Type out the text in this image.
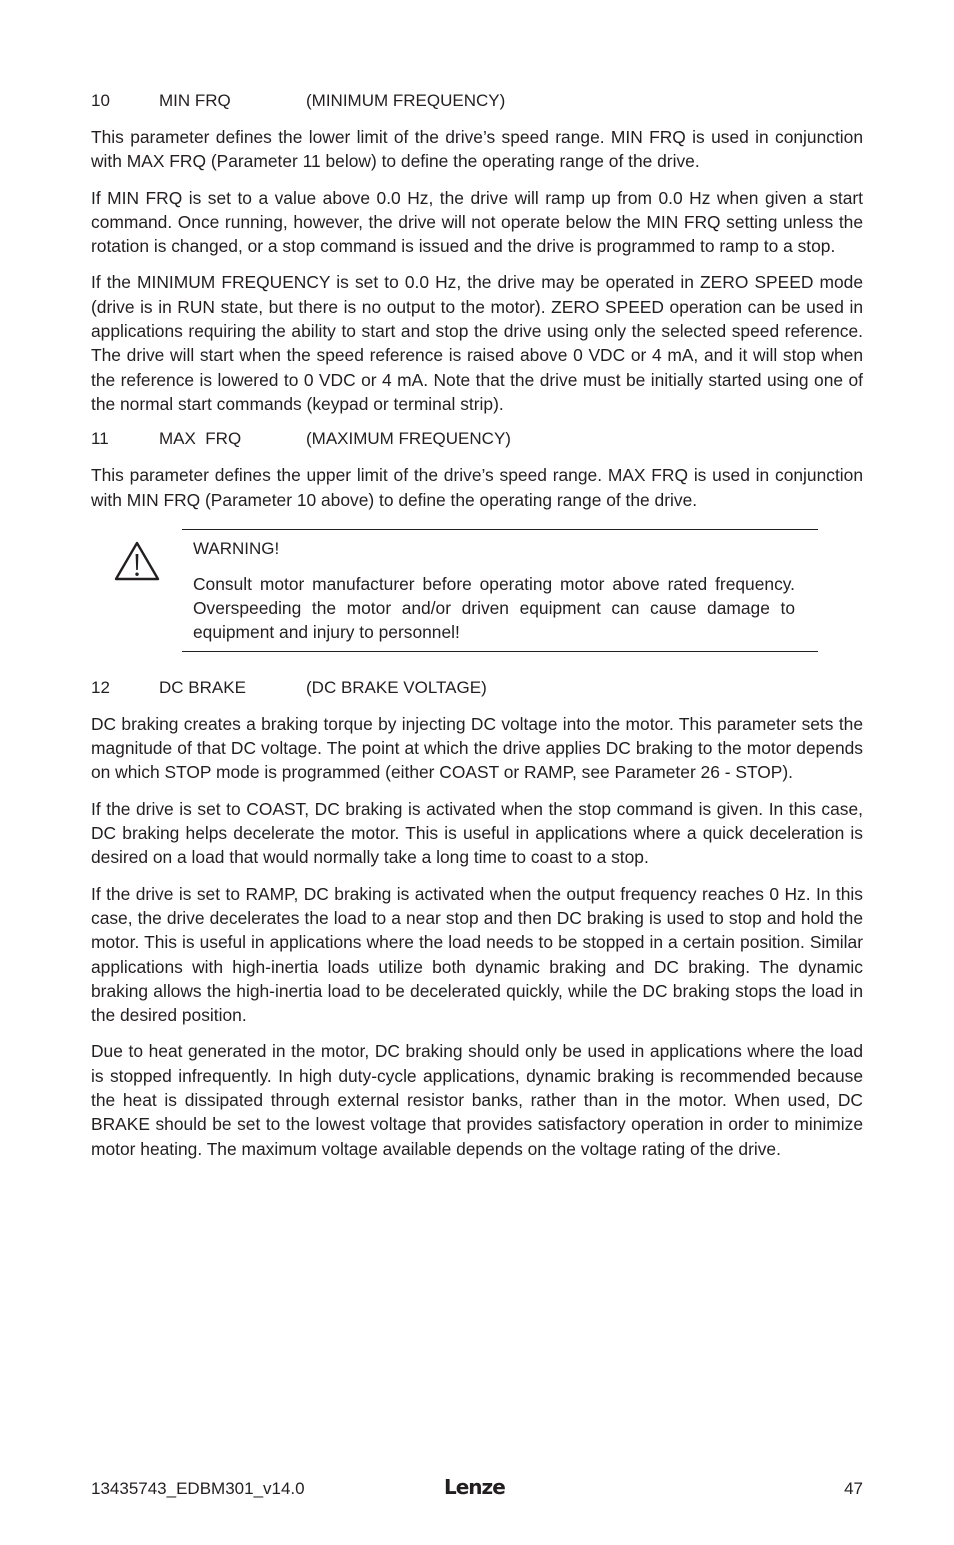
10	MIN FRQ	(MINIMUM FREQUENCY)

This parameter defines the lower limit of the drive’s speed range. MIN FRQ is used in conjunction with MAX FRQ (Parameter 11 below) to define the operating range of the drive.

If MIN FRQ is set to a value above 0.0 Hz, the drive will ramp up from 0.0 Hz when given a start command. Once running, however, the drive will not operate below the MIN FRQ setting unless the rotation is changed, or a stop command is issued and the drive is programmed to ramp to a stop.

If the MINIMUM FREQUENCY is set to 0.0 Hz, the drive may be operated in ZERO SPEED mode (drive is in RUN state, but there is no output to the motor). ZERO SPEED operation can be used in applications requiring the ability to start and stop the drive using only the selected speed reference. The drive will start when the speed reference is raised above 0 VDC or 4 mA, and it will stop when the reference is lowered to 0 VDC or 4 mA. Note that the drive must be initially started using one of the normal start commands (keypad or terminal strip).

11	MAX  FRQ	(MAXIMUM FREQUENCY)

This parameter defines the upper limit of the drive’s speed range. MAX FRQ is used in conjunction with MIN FRQ (Parameter 10 above) to define the operating range of the drive.

WARNING!

Consult motor manufacturer before operating motor above rated frequency. Overspeeding the motor and/or driven equipment can cause damage to equipment and injury to personnel!

12	DC BRAKE	(DC BRAKE VOLTAGE)

DC braking creates a braking torque by injecting DC voltage into the motor. This parameter sets the magnitude of that DC voltage. The point at which the drive applies DC braking to the motor depends on which STOP mode is programmed (either COAST or RAMP, see Parameter 26 - STOP).

If the drive is set to COAST, DC braking is activated when the stop command is given. In this case, DC braking helps decelerate the motor. This is useful in applications where a quick deceleration is desired on a load that would normally take a long time to coast to a stop.

If the drive is set to RAMP, DC braking is activated when the output frequency reaches 0 Hz. In this case, the drive decelerates the load to a near stop and then DC braking is used to stop and hold the motor. This is useful in applications where the load needs to be stopped in a certain position. Similar applications with high-inertia loads utilize both dynamic braking and DC braking. The dynamic braking allows the high-inertia load to be decelerated quickly, while the DC braking stops the load in the desired position.

Due to heat generated in the motor, DC braking should only be used in applications where the load is stopped infrequently. In high duty-cycle applications, dynamic braking is recommended because the heat is dissipated through external resistor banks, rather than in the motor. When used, DC BRAKE should be set to the lowest voltage that provides satisfactory operation in order to minimize motor heating. The maximum voltage available depends on the voltage rating of the drive.

13435743_EDBM301_v14.0	Lenze	47
